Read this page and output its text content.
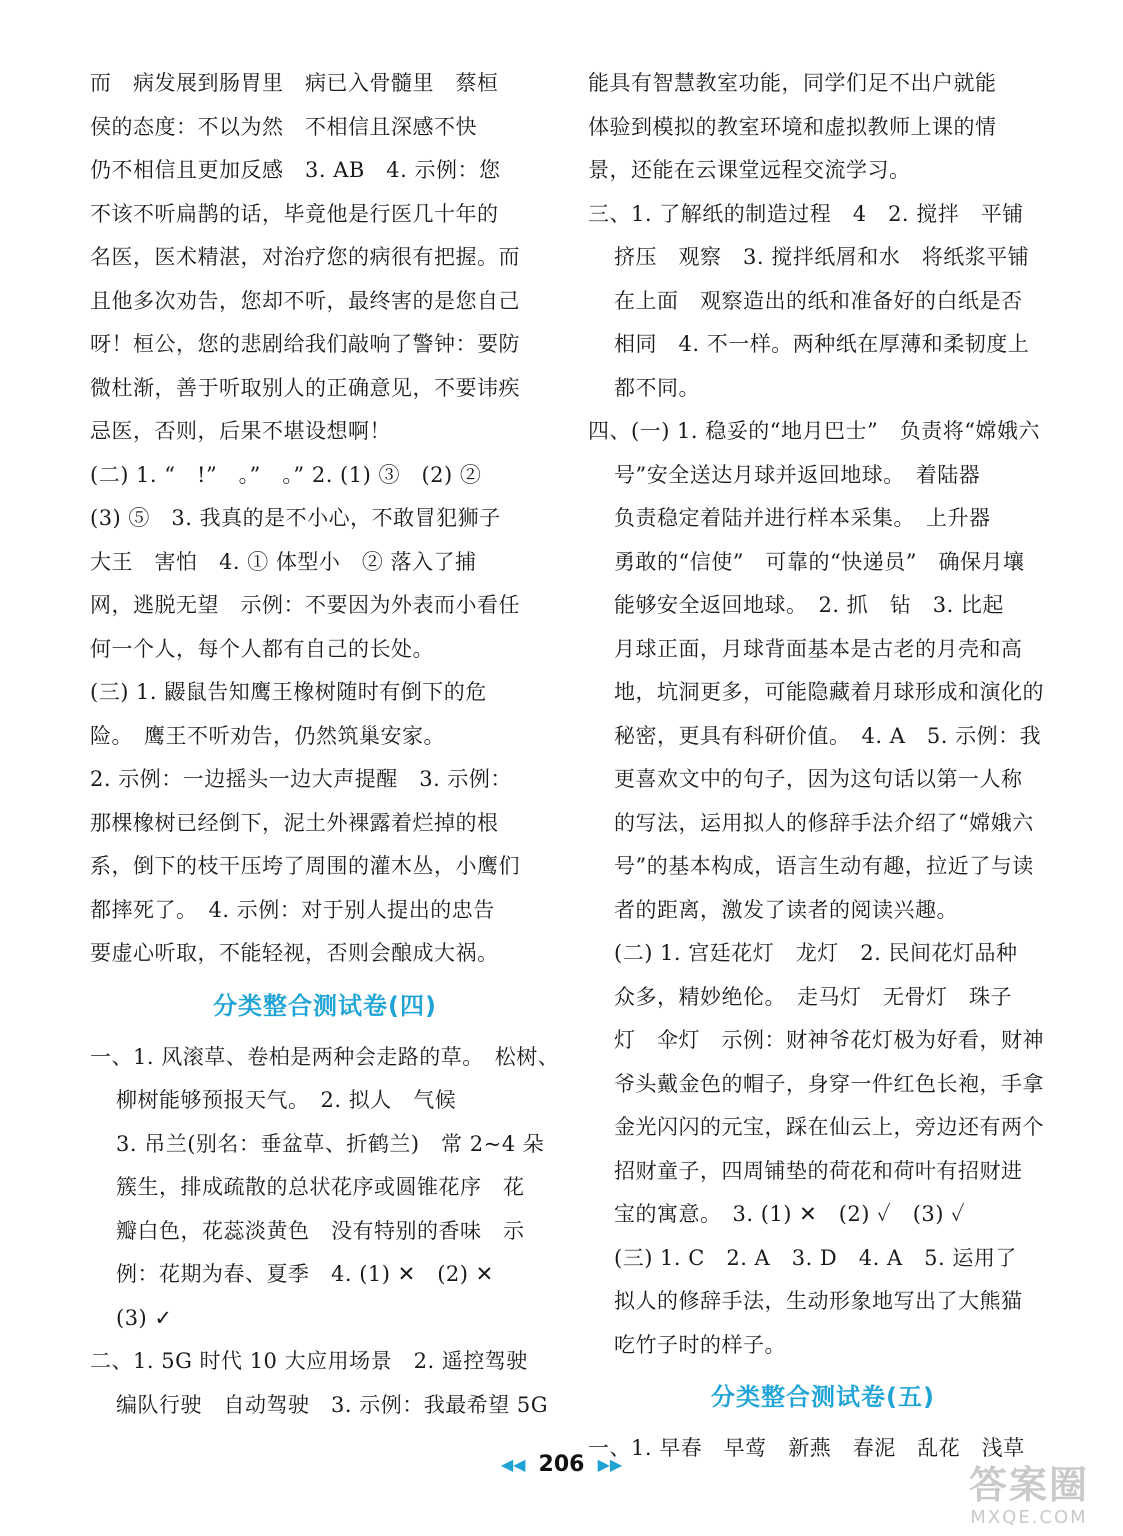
而　病发展到肠胃里　病已入骨髓里　蔡桓
侯的态度：不以为然　不相信且深感不快
仍不相信且更加反感　3. AB　4. 示例：您
不该不听扁鹊的话，毕竟他是行医几十年的
名医，医术精湛，对治疗您的病很有把握。而
且他多次劝告，您却不听，最终害的是您自己
呀！桓公，您的悲剧给我们敲响了警钟：要防
微杜渐，善于听取别人的正确意见，不要讳疾
忌医，否则，后果不堪设想啊！
(二) 1. “　!”　。”　。” 2. (1) ③　(2) ②
(3) ⑤　3. 我真的是不小心，不敢冒犯狮子
大王　害怕　4. ① 体型小　② 落入了捕
网，逃脱无望　示例：不要因为外表而小看任
何一个人，每个人都有自己的长处。
(三) 1. 鼹鼠告知鹰王橡树随时有倒下的危
险。　鹰王不听劝告，仍然筑巢安家。
2. 示例：一边摇头一边大声提醒　3. 示例：
那棵橡树已经倒下，泥土外裸露着烂掉的根
系，倒下的枝干压垮了周围的灌木丛，小鹰们
都摔死了。　4. 示例：对于别人提出的忠告
要虚心听取，不能轻视，否则会酿成大祸。
分类整合测试卷(四)
一、1. 风滚草、卷柏是两种会走路的草。　松树、
柳树能够预报天气。　2. 拟人　气候
3. 吊兰(别名：垂盆草、折鹤兰)　常 2~4 朵
簇生，排成疏散的总状花序或圆锥花序　花
瓣白色，花蕊淡黄色　没有特别的香味　示
例：花期为春、夏季　4. (1) ✕　(2) ✕
(3) ✓
二、1. 5G 时代 10 大应用场景　2. 遥控驾驶
编队行驶　自动驾驶　3. 示例：我最希望 5G
能具有智慧教室功能，同学们足不出户就能
体验到模拟的教室环境和虚拟教师上课的情
景，还能在云课堂远程交流学习。
三、1. 了解纸的制造过程　4　2. 搅拌　平铺
挤压　观察　3. 搅拌纸屑和水　将纸浆平铺
在上面　观察造出的纸和准备好的白纸是否
相同　4. 不一样。两种纸在厚薄和柔韧度上
都不同。
四、(一) 1. 稳妥的“地月巴士”　负责将“嫦娥六
号”安全送达月球并返回地球。　着陆器
负责稳定着陆并进行样本采集。　上升器
勇敢的“信使”　可靠的“快递员”　确保月壤
能够安全返回地球。　2. 抓　钻　3. 比起
月球正面，月球背面基本是古老的月壳和高
地，坑洞更多，可能隐藏着月球形成和演化的
秘密，更具有科研价值。　4. A　5. 示例：我
更喜欢文中的句子，因为这句话以第一人称
的写法，运用拟人的修辞手法介绍了“嫦娥六
号”的基本构成，语言生动有趣，拉近了与读
者的距离，激发了读者的阅读兴趣。
(二) 1. 宫廷花灯　龙灯　2. 民间花灯品种
众多，精妙绝伦。　走马灯　无骨灯　珠子
灯　伞灯　示例：财神爷花灯极为好看，财神
爷头戴金色的帽子，身穿一件红色长袍，手拿
金光闪闪的元宝，踩在仙云上，旁边还有两个
招财童子，四周铺垫的荷花和荷叶有招财进
宝的寓意。　3. (1) ✕　(2) ✓　(3) ✓
(三) 1. C　2. A　3. D　4. A　5. 运用了
拟人的修辞手法，生动形象地写出了大熊猫
吃竹子时的样子。
分类整合测试卷(五)
一、1. 早春　早莺　新燕　春泥　乱花　浅草
◀◀ 206 ▶▶	答案圈
MXQE.COM
